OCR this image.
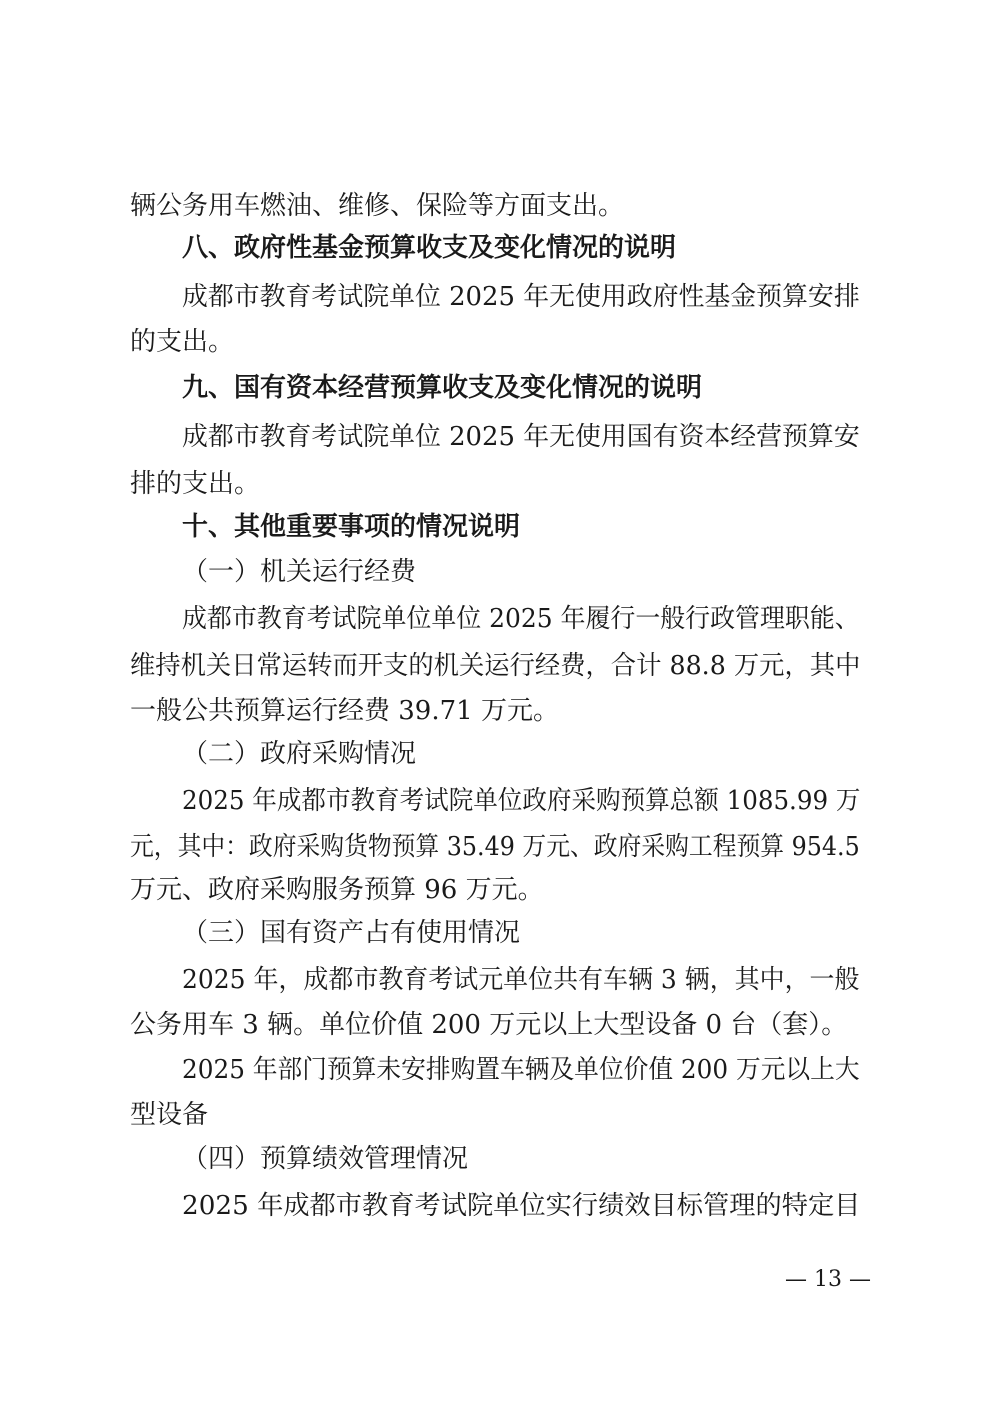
辆公务用车燃油、维修、保险等方面支出。

八、政府性基金预算收支及变化情况的说明

成都市教育考试院单位 2025 年无使用政府性基金预算安排

的支出。

九、国有资本经营预算收支及变化情况的说明

成都市教育考试院单位 2025 年无使用国有资本经营预算安

排的支出。

十、其他重要事项的情况说明

（一）机关运行经费

成都市教育考试院单位单位 2025 年履行一般行政管理职能、

维持机关日常运转而开支的机关运行经费，合计 88.8 万元，其中

一般公共预算运行经费 39.71 万元。

（二）政府采购情况

2025 年成都市教育考试院单位政府采购预算总额 1085.99 万

元，其中：政府采购货物预算 35.49 万元、政府采购工程预算 954.5

万元、政府采购服务预算 96 万元。

（三）国有资产占有使用情况

2025 年，成都市教育考试元单位共有车辆 3 辆，其中，一般

公务用车 3 辆。单位价值 200 万元以上大型设备 0 台（套）。

2025 年部门预算未安排购置车辆及单位价值 200 万元以上大

型设备

（四）预算绩效管理情况

2025 年成都市教育考试院单位实行绩效目标管理的特定目

— 13 —
